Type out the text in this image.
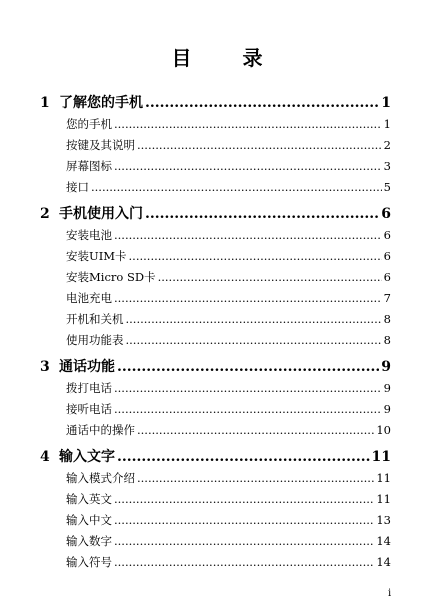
目 录
1 了解您的手机 .....	1
您的手机 .....	1
按键及其说明 .....	2
屏幕图标 .....	3
接口 .....	5
2 手机使用入门 .....	6
安装电池 .....	6
安装UIM卡 .....	6
安装Micro SD卡 .....	6
电池充电 .....	7
开机和关机 .....	8
使用功能表 .....	8
3 通话功能 .....	9
拨打电话 .....	9
接听电话 .....	9
通话中的操作 .....	10
4 输入文字 .....	11
输入模式介绍 .....	11
输入英文 .....	11
输入中文 .....	13
输入数字 .....	14
输入符号 .....	14
i
